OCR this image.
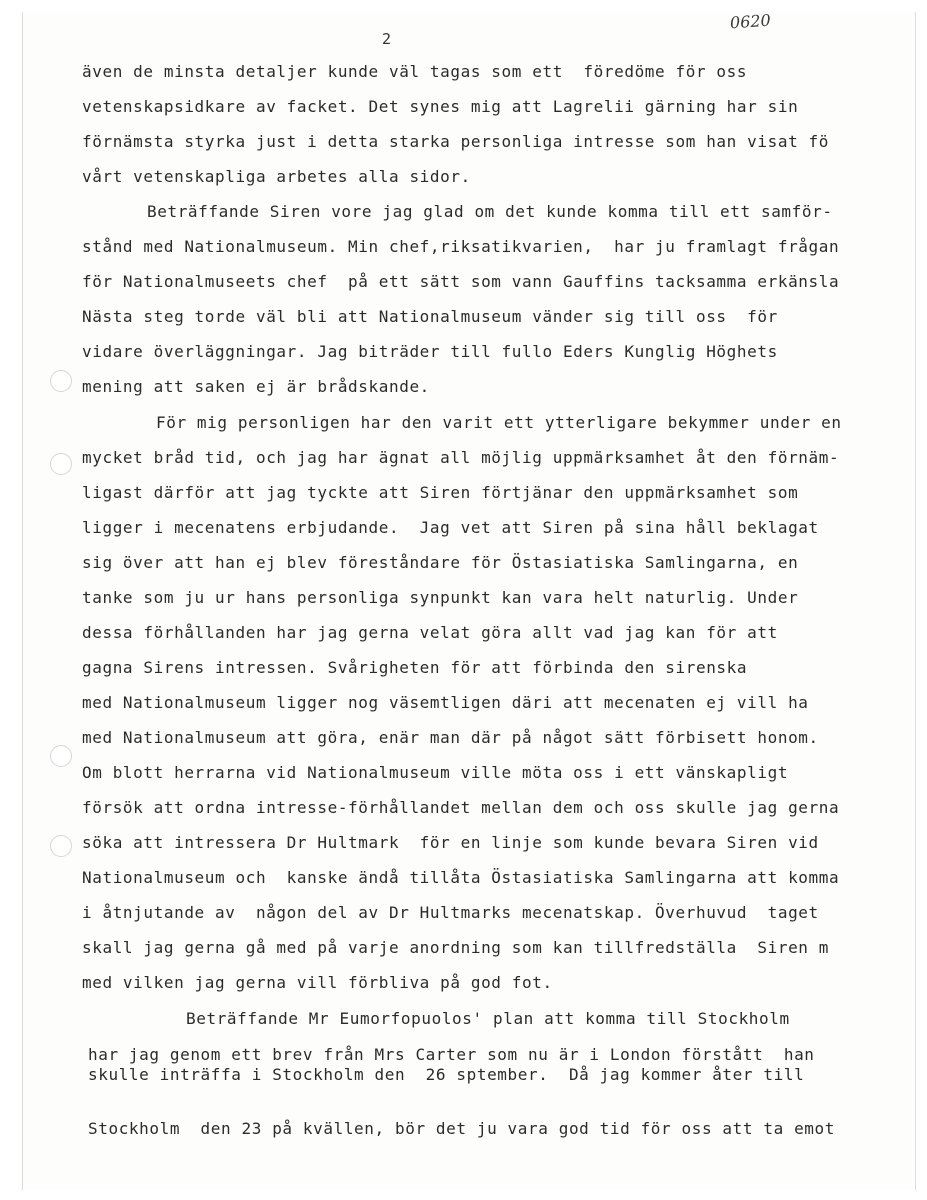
2
0620
även de minsta detaljer kunde väl tagas som ett  föredöme för oss
vetenskapsidkare av facket. Det synes mig att Lagrelii gärning har sin
förnämsta styrka just i detta starka personliga intresse som han visat fö
vårt vetenskapliga arbetes alla sidor.
Beträffande Siren vore jag glad om det kunde komma till ett samför-
stånd med Nationalmuseum. Min chef,riksatikvarien,  har ju framlagt frågan
för Nationalmuseets chef  på ett sätt som vann Gauffins tacksamma erkänsla
Nästa steg torde väl bli att Nationalmuseum vänder sig till oss  för
vidare överläggningar. Jag biträder till fullo Eders Kunglig Höghets
mening att saken ej är brådskande.
För mig personligen har den varit ett ytterligare bekymmer under en
mycket bråd tid, och jag har ägnat all möjlig uppmärksamhet åt den förnäm-
ligast därför att jag tyckte att Siren förtjänar den uppmärksamhet som
ligger i mecenatens erbjudande.  Jag vet att Siren på sina håll beklagat
sig över att han ej blev föreståndare för Östasiatiska Samlingarna, en
tanke som ju ur hans personliga synpunkt kan vara helt naturlig. Under
dessa förhållanden har jag gerna velat göra allt vad jag kan för att
gagna Sirens intressen. Svårigheten för att förbinda den sirenska
med Nationalmuseum ligger nog väsemtligen däri att mecenaten ej vill ha
med Nationalmuseum att göra, enär man där på något sätt förbisett honom.
Om blott herrarna vid Nationalmuseum ville möta oss i ett vänskapligt
försök att ordna intresse-förhållandet mellan dem och oss skulle jag gerna
söka att intressera Dr Hultmark  för en linje som kunde bevara Siren vid
Nationalmuseum och  kanske ändå tillåta Östasiatiska Samlingarna att komma
i åtnjutande av  någon del av Dr Hultmarks mecenatskap. Överhuvud  taget
skall jag gerna gå med på varje anordning som kan tillfredställa  Siren m
med vilken jag gerna vill förbliva på god fot.
Beträffande Mr Eumorfopuolos' plan att komma till Stockholm
har jag genom ett brev från Mrs Carter som nu är i London förstått  han
skulle inträffa i Stockholm den  26 sptember.  Då jag kommer åter till
Stockholm  den 23 på kvällen, bör det ju vara god tid för oss att ta emot
